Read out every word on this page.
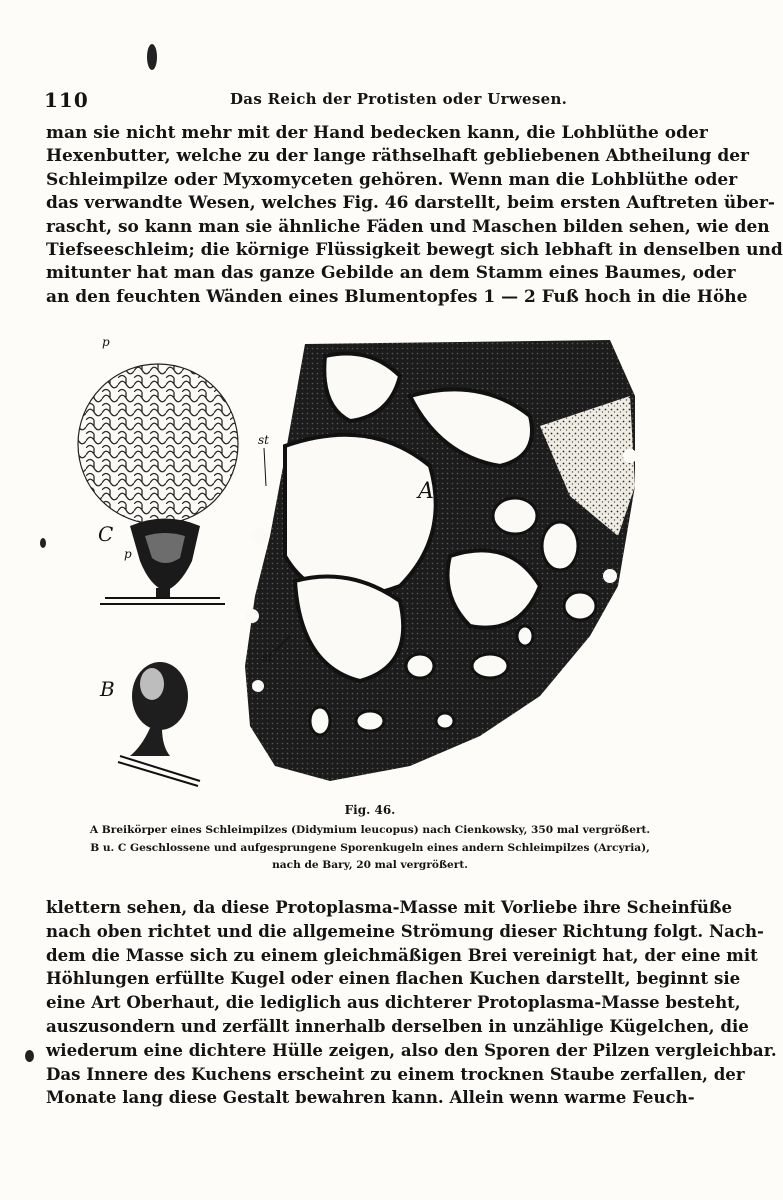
110	Das Reich der Protisten oder Urwesen.
man sie nicht mehr mit der Hand bedecken kann, die Lohblüthe oder
Hexenbutter, welche zu der lange räthselhaft gebliebenen Abtheilung der
Schleimpilze oder Myxomyceten gehören. Wenn man die Lohblüthe oder
das verwandte Wesen, welches Fig. 46 darstellt, beim ersten Auftreten über-
rascht, so kann man sie ähnliche Fäden und Maschen bilden sehen, wie den
Tiefseeschleim; die körnige Flüssigkeit bewegt sich lebhaft in denselben und
mitunter hat man das ganze Gebilde an dem Stamm eines Baumes, oder
an den feuchten Wänden eines Blumentopfes 1 — 2 Fuß hoch in die Höhe
A
st
st
p
C
p
B
Fig. 46.
A Breikörper eines Schleimpilzes (Didymium leucopus) nach Cienkowsky, 350 mal vergrößert.
B u. C Geschlossene und aufgesprungene Sporenkugeln eines andern Schleimpilzes (Arcyria),
nach de Bary, 20 mal vergrößert.
klettern sehen, da diese Protoplasma-Masse mit Vorliebe ihre Scheinfüße
nach oben richtet und die allgemeine Strömung dieser Richtung folgt. Nach-
dem die Masse sich zu einem gleichmäßigen Brei vereinigt hat, der eine mit
Höhlungen erfüllte Kugel oder einen flachen Kuchen darstellt, beginnt sie
eine Art Oberhaut, die lediglich aus dichterer Protoplasma-Masse besteht,
auszusondern und zerfällt innerhalb derselben in unzählige Kügelchen, die
wiederum eine dichtere Hülle zeigen, also den Sporen der Pilzen vergleichbar.
Das Innere des Kuchens erscheint zu einem trocknen Staube zerfallen, der
Monate lang diese Gestalt bewahren kann. Allein wenn warme Feuch-
